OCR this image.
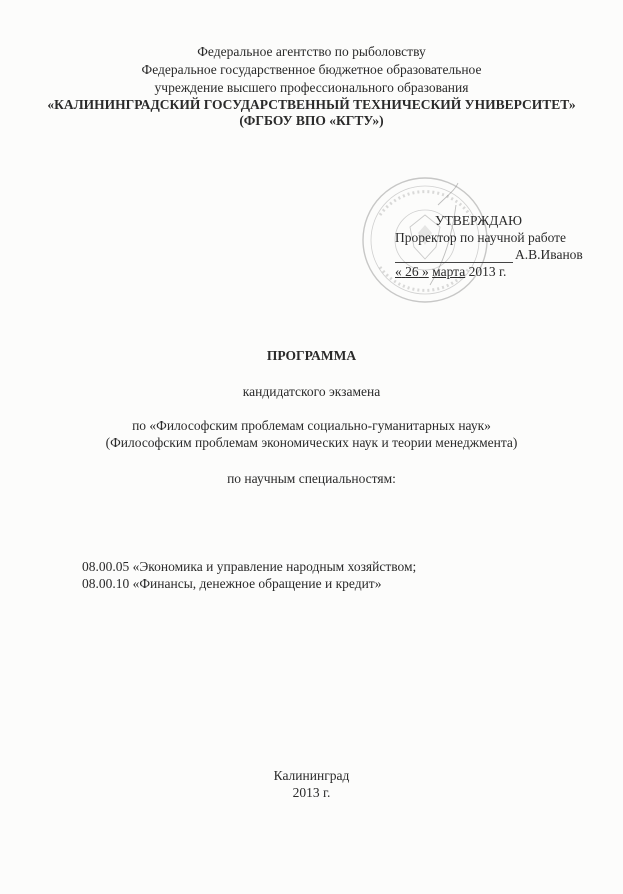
Федеральное агентство по рыболовству
Федеральное государственное бюджетное образовательное
учреждение высшего профессионального образования
«КАЛИНИНГРАДСКИЙ ГОСУДАРСТВЕННЫЙ ТЕХНИЧЕСКИЙ УНИВЕРСИТЕТ»
(ФГБОУ ВПО «КГТУ»)
УТВЕРЖДАЮ
Проректор по научной работе
А.В.Иванов
« 26 » марта 2013 г.
ПРОГРАММА
кандидатского экзамена
по «Философским проблемам социально-гуманитарных наук»
(Философским проблемам экономических наук и теории менеджмента)
по научным специальностям:
08.00.05 «Экономика и управление народным хозяйством;
08.00.10 «Финансы, денежное обращение и кредит»
Калининград
2013 г.
